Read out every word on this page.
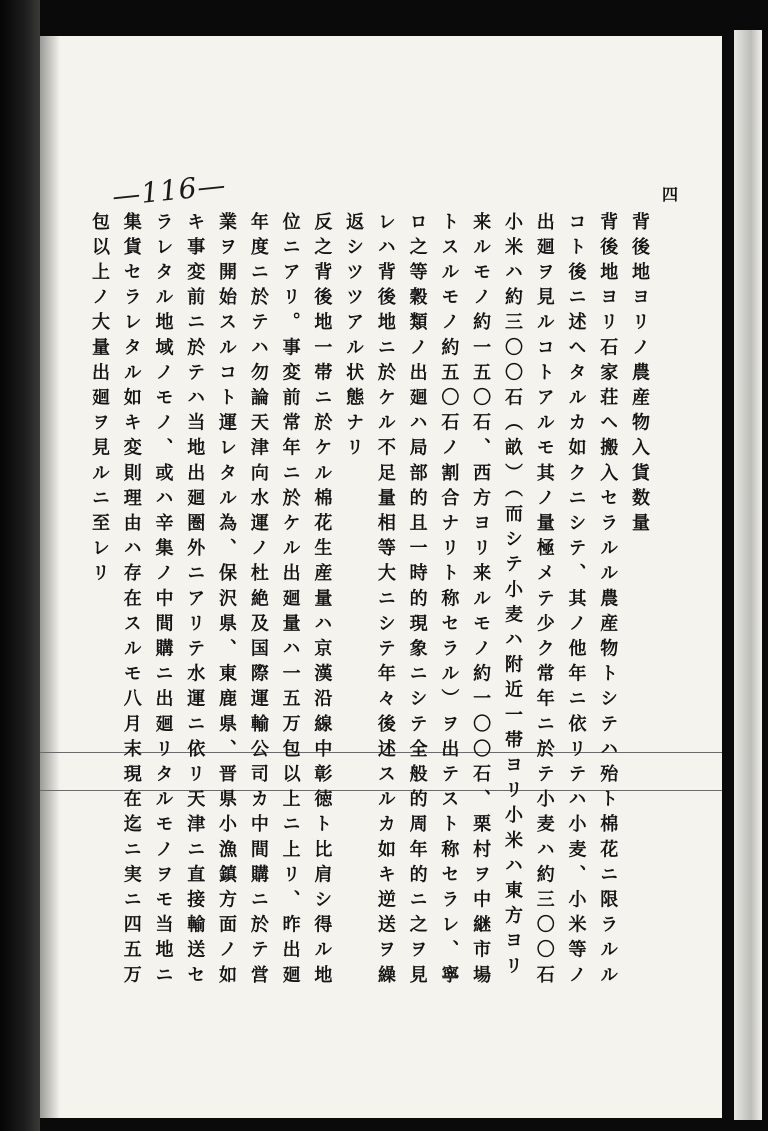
—116—	四
背後地ヨリノ農産物入貨数量
背後地ヨリ石家荘ヘ搬入セラルル農産物トシテハ殆ト棉花ニ限ラルル
コト後ニ述ヘタルカ如クニシテ、其ノ他年ニ依リテハ小麦、小米等ノ
出廻ヲ見ルコトアルモ其ノ量極メテ少ク常年ニ於テ小麦ハ約三〇〇石
小米ハ約三〇〇石（畝）（而シテ小麦ハ附近一帯ヨリ小米ハ東方ヨリ
来ルモノ約一五〇石、西方ヨリ来ルモノ約一〇〇石、栗村ヲ中継市場
トスルモノ約五〇石ノ割合ナリト称セラル）ヲ出テスト称セラレ、寧
ロ之等穀類ノ出廻ハ局部的且一時的現象ニシテ全般的周年的ニ之ヲ見
レハ背後地ニ於ケル不足量相等大ニシテ年々後述スルカ如キ逆送ヲ繰
返シツツアル状態ナリ
反之背後地一帯ニ於ケル棉花生産量ハ京漢沿線中彰徳ト比肩シ得ル地
位ニアリ。事変前常年ニ於ケル出廻量ハ一五万包以上ニ上リ、昨出廻
年度ニ於テハ勿論天津向水運ノ杜絶及国際運輸公司カ中間購ニ於テ営
業ヲ開始スルコト運レタル為、保沢県、東鹿県、晋県小漁鎮方面ノ如
キ事変前ニ於テハ当地出廻圏外ニアリテ水運ニ依リ天津ニ直接輸送セ
ラレタル地域ノモノ、或ハ辛集ノ中間購ニ出廻リタルモノヲモ当地ニ
集貨セラレタル如キ変則理由ハ存在スルモ八月末現在迄ニ実ニ四五万
包以上ノ大量出廻ヲ見ルニ至レリ
